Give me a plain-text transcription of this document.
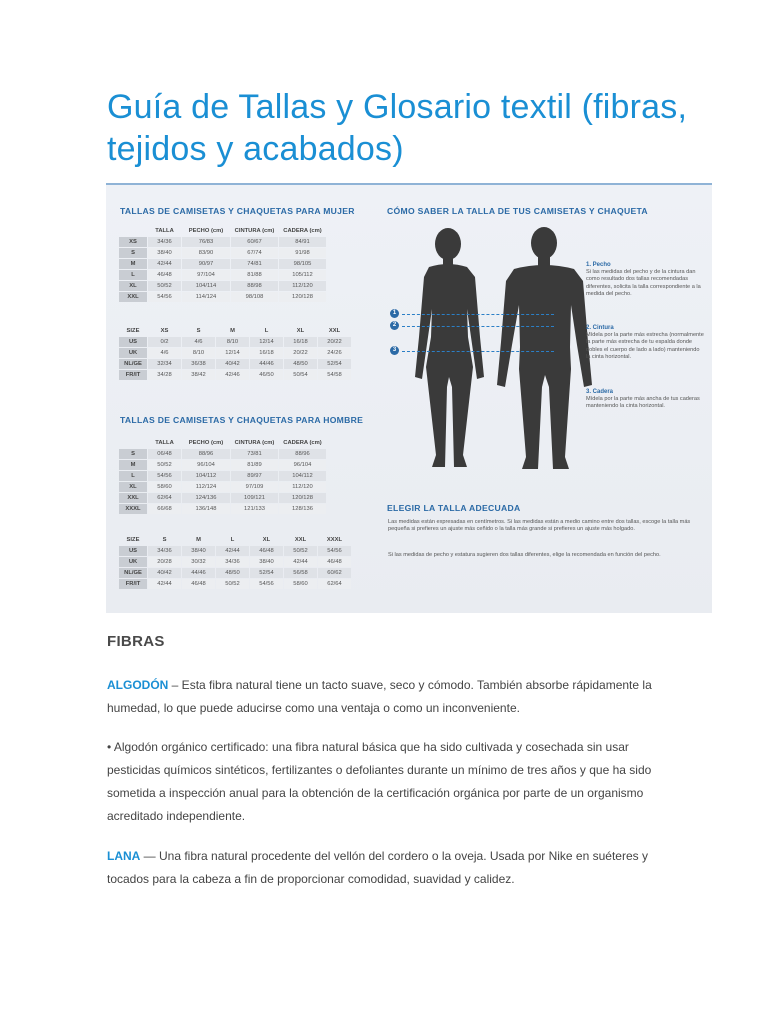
Guía de Tallas y Glosario textil (fibras, tejidos y acabados)
TALLAS DE CAMISETAS Y CHAQUETAS PARA MUJER
	TALLA	PECHO (cm)	CINTURA (cm)	CADERA (cm)
XS	34/36	76/83	60/67	84/91
S	38/40	83/90	67/74	91/98
M	42/44	90/97	74/81	98/105
L	46/48	97/104	81/88	105/112
XL	50/52	104/114	88/98	112/120
XXL	54/56	114/124	98/108	120/128
SIZE	XS	S	M	L	XL	XXL
US	0/2	4/6	8/10	12/14	16/18	20/22
UK	4/6	8/10	12/14	16/18	20/22	24/26
NL/GE	32/34	36/38	40/42	44/46	48/50	52/54
FR/IT	34/28	38/42	42/46	46/50	50/54	54/58
TALLAS DE CAMISETAS Y CHAQUETAS PARA HOMBRE
	TALLA	PECHO (cm)	CINTURA (cm)	CADERA (cm)
S	06/48	88/96	73/81	88/96
M	50/52	96/104	81/89	96/104
L	54/56	104/112	89/97	104/112
XL	58/60	112/124	97/109	112/120
XXL	62/64	124/136	109/121	120/128
XXXL	66/68	136/148	121/133	128/136
SIZE	S	M	L	XL	XXL	XXXL
US	34/36	38/40	42/44	46/48	50/52	54/56
UK	20/28	30/32	34/36	38/40	42/44	46/48
NL/GE	40/42	44/46	48/50	52/54	56/58	60/62
FR/IT	42/44	46/48	50/52	54/56	58/60	62/64
CÓMO SABER LA TALLA DE TUS CAMISETAS Y CHAQUETA
1
2
3
ELEGIR LA TALLA ADECUADA
1. Pecho
Si las medidas del pecho y de la cintura dan como resultado dos tallas recomendadas diferentes, solicita la talla correspondiente a la medida del pecho.
2. Cintura
Mídela por la parte más estrecha (normalmente la parte más estrecha de tu espalda donde dobles el cuerpo de lado a lado) manteniendo la cinta horizontal.
3. Cadera
Mídela por la parte más ancha de tus caderas manteniendo la cinta horizontal.
Las medidas están expresadas en centímetros. Si las medidas están a medio camino entre dos tallas, escoge la talla más pequeña si prefieres un ajuste más ceñido o la talla más grande si prefieres un ajuste más holgado.
Si las medidas de pecho y estatura sugieren dos tallas diferentes, elige la recomendada en función del pecho.
FIBRAS

ALGODÓN – Esta fibra natural tiene un tacto suave, seco y cómodo. También absorbe rápidamente la humedad, lo que puede aducirse como una ventaja o como un inconveniente.

• Algodón orgánico certificado: una fibra natural básica que ha sido cultivada y cosechada sin usar pesticidas químicos sintéticos, fertilizantes o defoliantes durante un mínimo de tres años y que ha sido sometida a inspección anual para la obtención de la certificación orgánica por parte de un organismo acreditado independiente.

LANA — Una fibra natural procedente del vellón del cordero o la oveja. Usada por Nike en suéteres y tocados para la cabeza a fin de proporcionar comodidad, suavidad y calidez.
